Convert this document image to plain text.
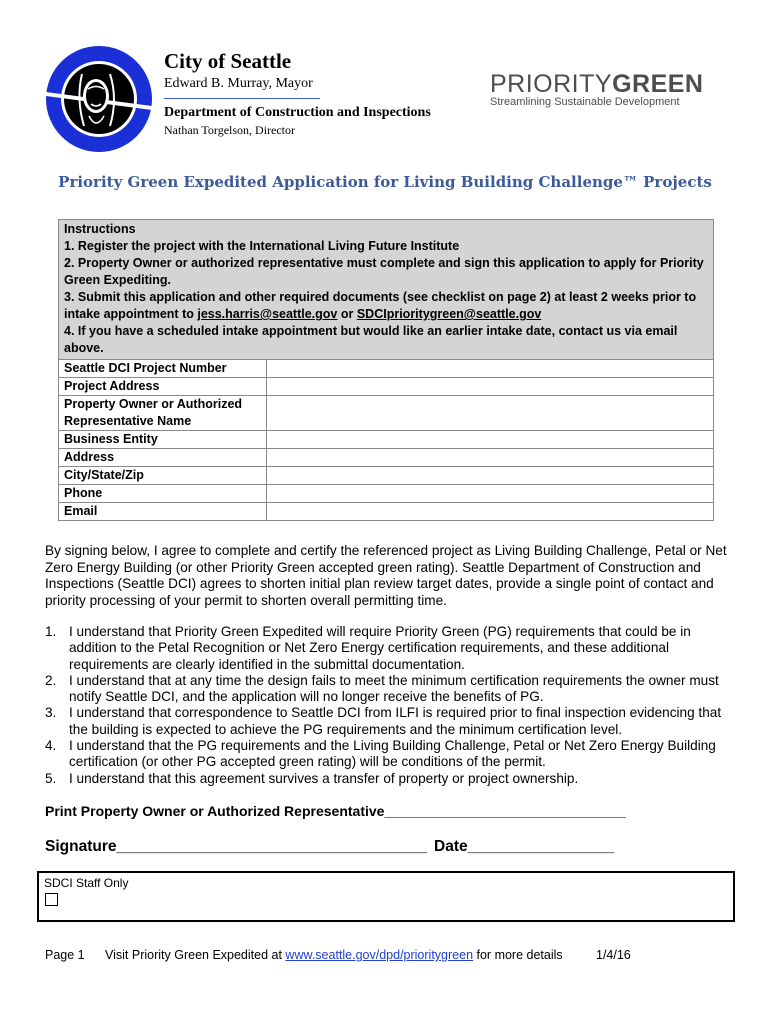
City of Seattle
Edward B. Murray, Mayor
Department of Construction and Inspections
Nathan Torgelson, Director
PRIORITYGREEN
Streamlining Sustainable Development
Priority Green Expedited Application for Living Building Challenge™ Projects
Instructions
1. Register the project with the International Living Future Institute
2. Property Owner or authorized representative must complete and sign this application to apply for Priority Green Expediting.
3. Submit this application and other required documents (see checklist on page 2) at least 2 weeks prior to intake appointment to jess.harris@seattle.gov or SDCIprioritygreen@seattle.gov
4. If you have a scheduled intake appointment but would like an earlier intake date, contact us via email above.	

Seattle DCI Project Number	
Project Address	
Property Owner or Authorized Representative Name	
Business Entity	
Address	
City/State/Zip	
Phone	
Email	
By signing below, I agree to complete and certify the referenced project as Living Building Challenge, Petal or Net Zero Energy Building (or other Priority Green accepted green rating). Seattle Department of Construction and Inspections (Seattle DCI) agrees to shorten initial plan review target dates, provide a single point of contact and priority processing of your permit to shorten overall permitting time.
1. I understand that Priority Green Expedited will require Priority Green (PG) requirements that could be in addition to the Petal Recognition or Net Zero Energy certification requirements, and these additional requirements are clearly identified in the submittal documentation.
2. I understand that at any time the design fails to meet the minimum certification requirements the owner must notify Seattle DCI, and the application will no longer receive the benefits of PG.
3. I understand that correspondence to Seattle DCI from ILFI is required prior to final inspection evidencing that the building is expected to achieve the PG requirements and the minimum certification level.
4. I understand that the PG requirements and the Living Building Challenge, Petal or Net Zero Energy Building certification (or other PG accepted green rating) will be conditions of the permit.
5. I understand that this agreement survives a transfer of property or project ownership.
Print Property Owner or Authorized Representative_______________________________
Signature____________________________________ Date_________________
SDCI Staff Only
Page 1 Visit Priority Green Expedited at www.seattle.gov/dpd/prioritygreen for more details	1/4/16
